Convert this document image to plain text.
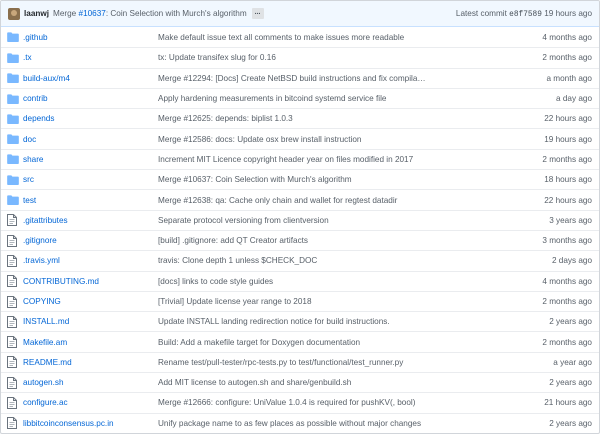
laanwj Merge #10637: Coin Selection with Murch's algorithm	...	Latest commit e8f7589 19 hours ago
.github	Make default issue text all comments to make issues more readable	4 months ago
.tx	tx: Update transifex slug for 0.16	2 months ago
build-aux/m4	Merge #12294: [Docs] Create NetBSD build instructions and fix compila…	a month ago
contrib	Apply hardening measurements in bitcoind systemd service file	a day ago
depends	Merge #12625: depends: biplist 1.0.3	22 hours ago
doc	Merge #12586: docs: Update osx brew install instruction	19 hours ago
share	Increment MIT Licence copyright header year on files modified in 2017	2 months ago
src	Merge #10637: Coin Selection with Murch's algorithm	18 hours ago
test	Merge #12638: qa: Cache only chain and wallet for regtest datadir	22 hours ago
.gitattributes	Separate protocol versioning from clientversion	3 years ago
.gitignore	[build] .gitignore: add QT Creator artifacts	3 months ago
.travis.yml	travis: Clone depth 1 unless $CHECK_DOC	2 days ago
CONTRIBUTING.md	[docs] links to code style guides	4 months ago
COPYING	[Trivial] Update license year range to 2018	2 months ago
INSTALL.md	Update INSTALL landing redirection notice for build instructions.	2 years ago
Makefile.am	Build: Add a makefile target for Doxygen documentation	2 months ago
README.md	Rename test/pull-tester/rpc-tests.py to test/functional/test_runner.py	a year ago
autogen.sh	Add MIT license to autogen.sh and share/genbuild.sh	2 years ago
configure.ac	Merge #12666: configure: UniValue 1.0.4 is required for pushKV(, bool)	21 hours ago
libbitcoinconsensus.pc.in	Unify package name to as few places as possible without major changes	2 years ago
